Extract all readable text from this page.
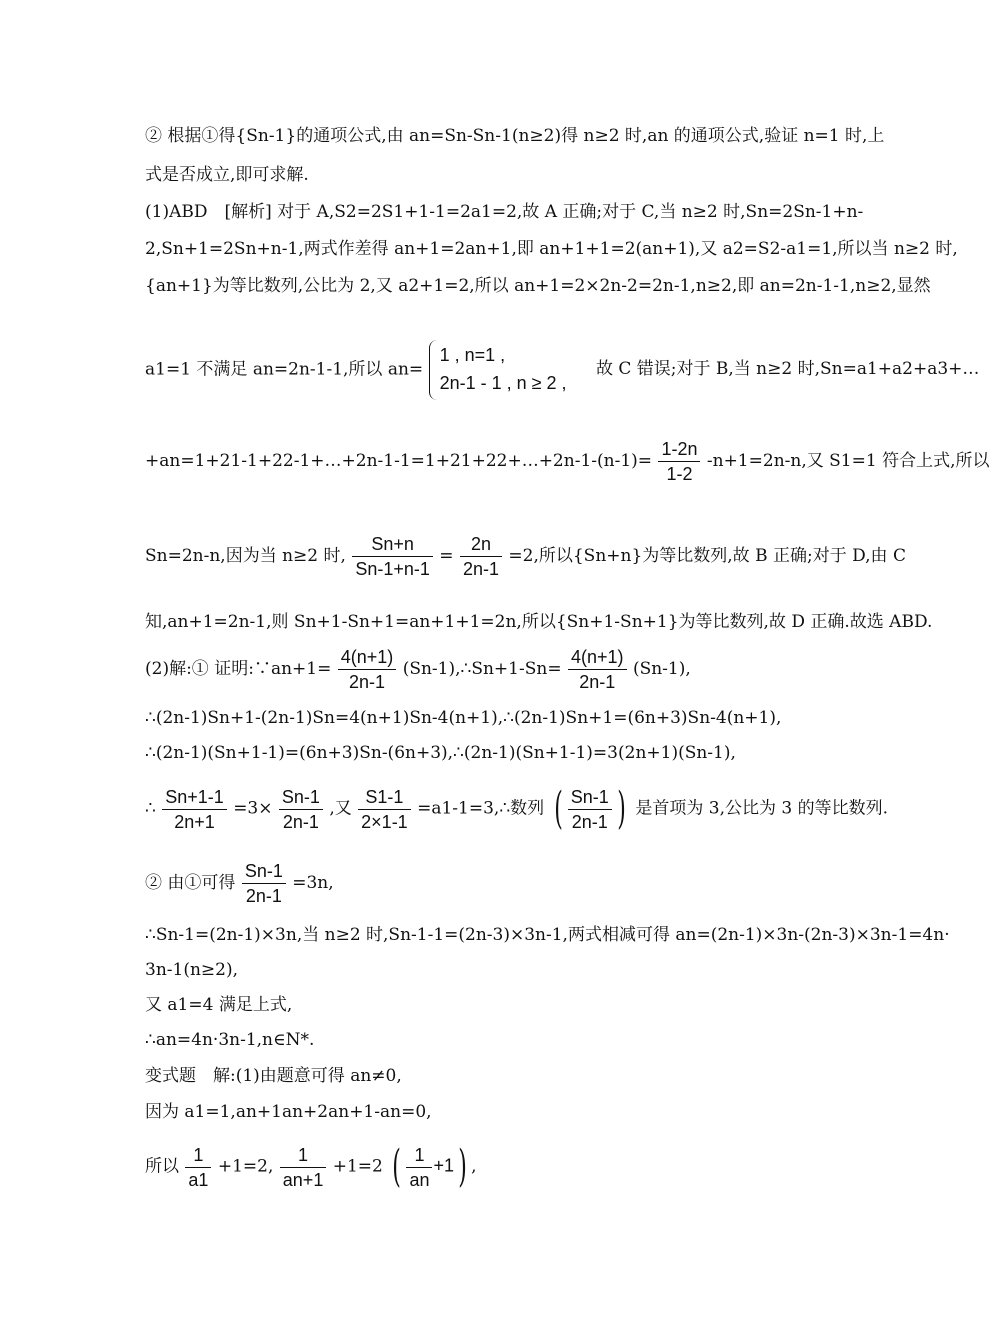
② 根据①得{Sn-1}的通项公式,由 an=Sn-Sn-1(n≥2)得 n≥2 时,an 的通项公式,验证 n=1 时,上
式是否成立,即可求解.
(1)ABD　[解析] 对于 A,S2=2S1+1-1=2a1=2,故 A 正确;对于 C,当 n≥2 时,Sn=2Sn-1+n-
2,Sn+1=2Sn+n-1,两式作差得 an+1=2an+1,即 an+1+1=2(an+1),又 a2=S2-a1=1,所以当 n≥2 时,
{an+1}为等比数列,公比为 2,又 a2+1=2,所以 an+1=2×2n-2=2n-1,n≥2,即 an=2n-1-1,n≥2,显然
a1=1 不满足 an=2n-1-1,所以 an=
1 , n=1 ,
2n-1 - 1 , n ≥ 2 ,
故 C 错误;对于 B,当 n≥2 时,Sn=a1+a2+a3+…
+an=1+21-1+22-1+…+2n-1-1=1+21+22+…+2n-1-(n-1)= $\frac{1-2n}{1-2} -n+1=2n-n$,又 S1=1 符合上式,所以
Sn=2n-n,因为当 n≥2 时, $\frac{Sn+n}{Sn-1+n-1} = \frac{2n}{2n-1} =2$,所以{Sn+n}为等比数列,故 B 正确;对于 D,由 C
知,an+1=2n-1,则 Sn+1-Sn+1=an+1+1=2n,所以{Sn+1-Sn+1}为等比数列,故 D 正确.故选 ABD.
(2)解:① 证明:∵an+1= $\frac{4(n+1)}{2n-1}$ (Sn-1),∴Sn+1-Sn= $\frac{4(n+1)}{2n-1} (Sn-1)$,
∴(2n-1)Sn+1-(2n-1)Sn=4(n+1)Sn-4(n+1),∴(2n-1)Sn+1=(6n+3)Sn-4(n+1),
∴(2n-1)(Sn+1-1)=(6n+3)Sn-(6n+3),∴(2n-1)(Sn+1-1)=3(2n+1)(Sn-1),
∴ $\frac{Sn+1-1}{2n+1} =3\times \frac{Sn-1}{2n-1}$ ,又 $\frac{S1-1}{2\times 1-1}$ =a1-1=3,∴数列 ( $\frac{Sn-1}{2n-1}$ ) 是首项为 3,公比为 3 的等比数列.
② 由①可得 $\frac{Sn-1}{2n-1} =3n$,
∴Sn-1=(2n-1)×3n,当 n≥2 时,Sn-1-1=(2n-3)×3n-1,两式相减可得 an=(2n-1)×3n-(2n-3)×3n-1=4n·
3n-1(n≥2),
又 a1=4 满足上式,
∴an=4n·3n-1,n∈N*.
变式题　解:(1)由题意可得 an≠0,
因为 a1=1,an+1an+2an+1-an=0,
所以 $\frac{1}{a1} +1=2$, $\frac{1}{an+1} +1=2$ ( $\frac{1}{an} +1$) ,
